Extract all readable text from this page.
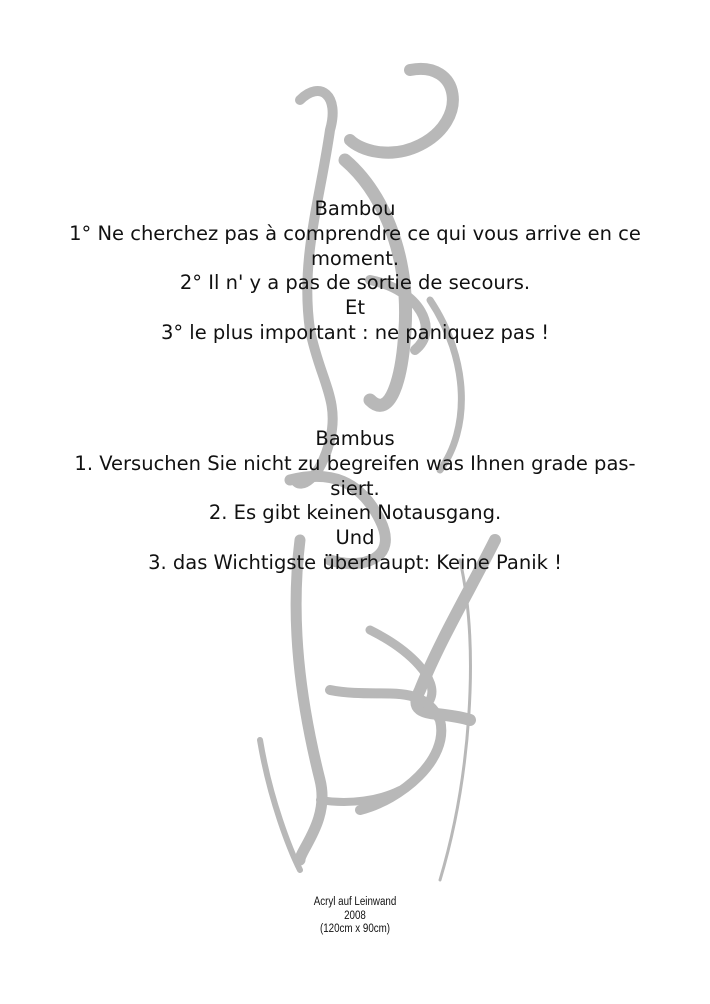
Bambou
1° Ne cherchez pas à comprendre ce qui vous arrive en ce
moment.
2° Il n' y a pas de sortie de secours.
Et
3° le plus important : ne paniquez pas !
Bambus
1. Versuchen Sie nicht zu begreifen was Ihnen grade pas-
siert.
2. Es gibt keinen Notausgang.
Und
3. das Wichtigste überhaupt: Keine Panik !
Acryl auf Leinwand
2008
(120cm x 90cm)
